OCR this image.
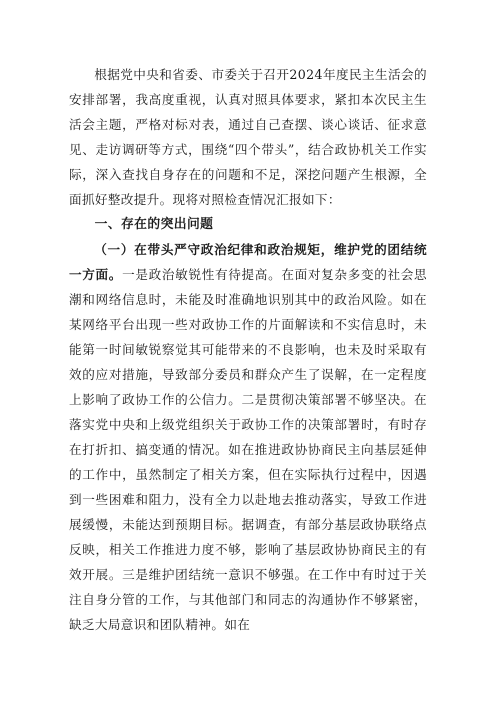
根据党中央和省委、市委关于召开2024年度民主生活会的安排部署，我高度重视，认真对照具体要求，紧扣本次民主生活会主题，严格对标对表，通过自己查摆、谈心谈话、征求意见、走访调研等方式，围绕“四个带头”，结合政协机关工作实际，深入查找自身存在的问题和不足，深挖问题产生根源，全面抓好整改提升。现将对照检查情况汇报如下：

一、存在的突出问题

（一）在带头严守政治纪律和政治规矩，维护党的团结统一方面。一是政治敏锐性有待提高。在面对复杂多变的社会思潮和网络信息时，未能及时准确地识别其中的政治风险。如在某网络平台出现一些对政协工作的片面解读和不实信息时，未能第一时间敏锐察觉其可能带来的不良影响，也未及时采取有效的应对措施，导致部分委员和群众产生了误解，在一定程度上影响了政协工作的公信力。二是贯彻决策部署不够坚决。在落实党中央和上级党组织关于政协工作的决策部署时，有时存在打折扣、搞变通的情况。如在推进政协协商民主向基层延伸的工作中，虽然制定了相关方案，但在实际执行过程中，因遇到一些困难和阻力，没有全力以赴地去推动落实，导致工作进展缓慢，未能达到预期目标。据调查，有部分基层政协联络点反映，相关工作推进力度不够，影响了基层政协协商民主的有效开展。三是维护团结统一意识不够强。在工作中有时过于关注自身分管的工作，与其他部门和同志的沟通协作不够紧密，缺乏大局意识和团队精神。如在
